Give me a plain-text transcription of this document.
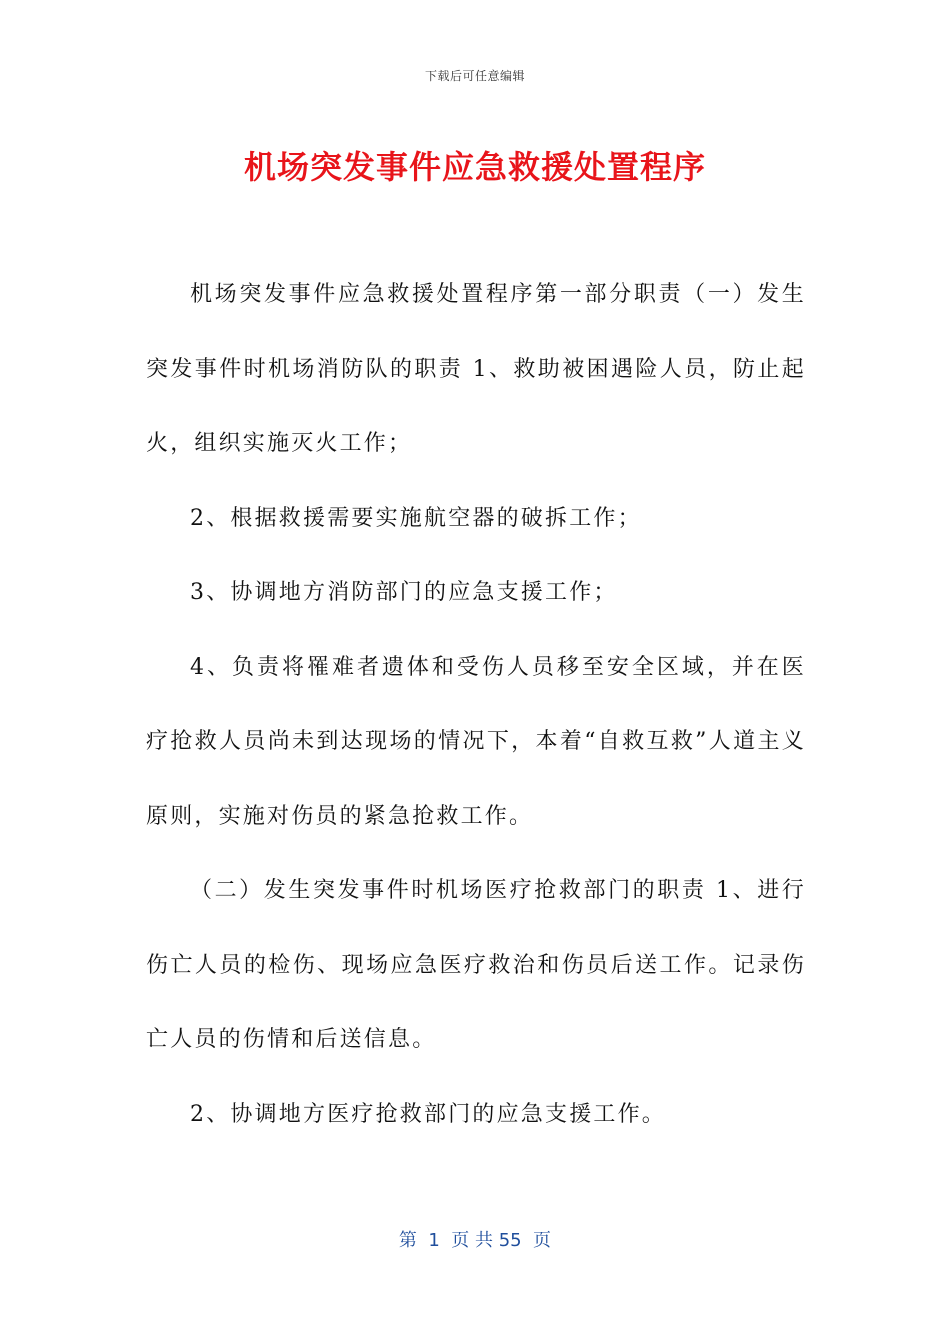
下载后可任意编辑
机场突发事件应急救援处置程序

机场突发事件应急救援处置程序第一部分职责（一）发生突发事件时机场消防队的职责 1、救助被困遇险人员，防止起火，组织实施灭火工作；

2、根据救援需要实施航空器的破拆工作；

3、协调地方消防部门的应急支援工作；

4、负责将罹难者遗体和受伤人员移至安全区域，并在医疗抢救人员尚未到达现场的情况下，本着“自救互救”人道主义原则，实施对伤员的紧急抢救工作。

（二）发生突发事件时机场医疗抢救部门的职责 1、进行伤亡人员的检伤、现场应急医疗救治和伤员后送工作。记录伤亡人员的伤情和后送信息。

2、协调地方医疗抢救部门的应急支援工作。

第  1  页 共 55  页
